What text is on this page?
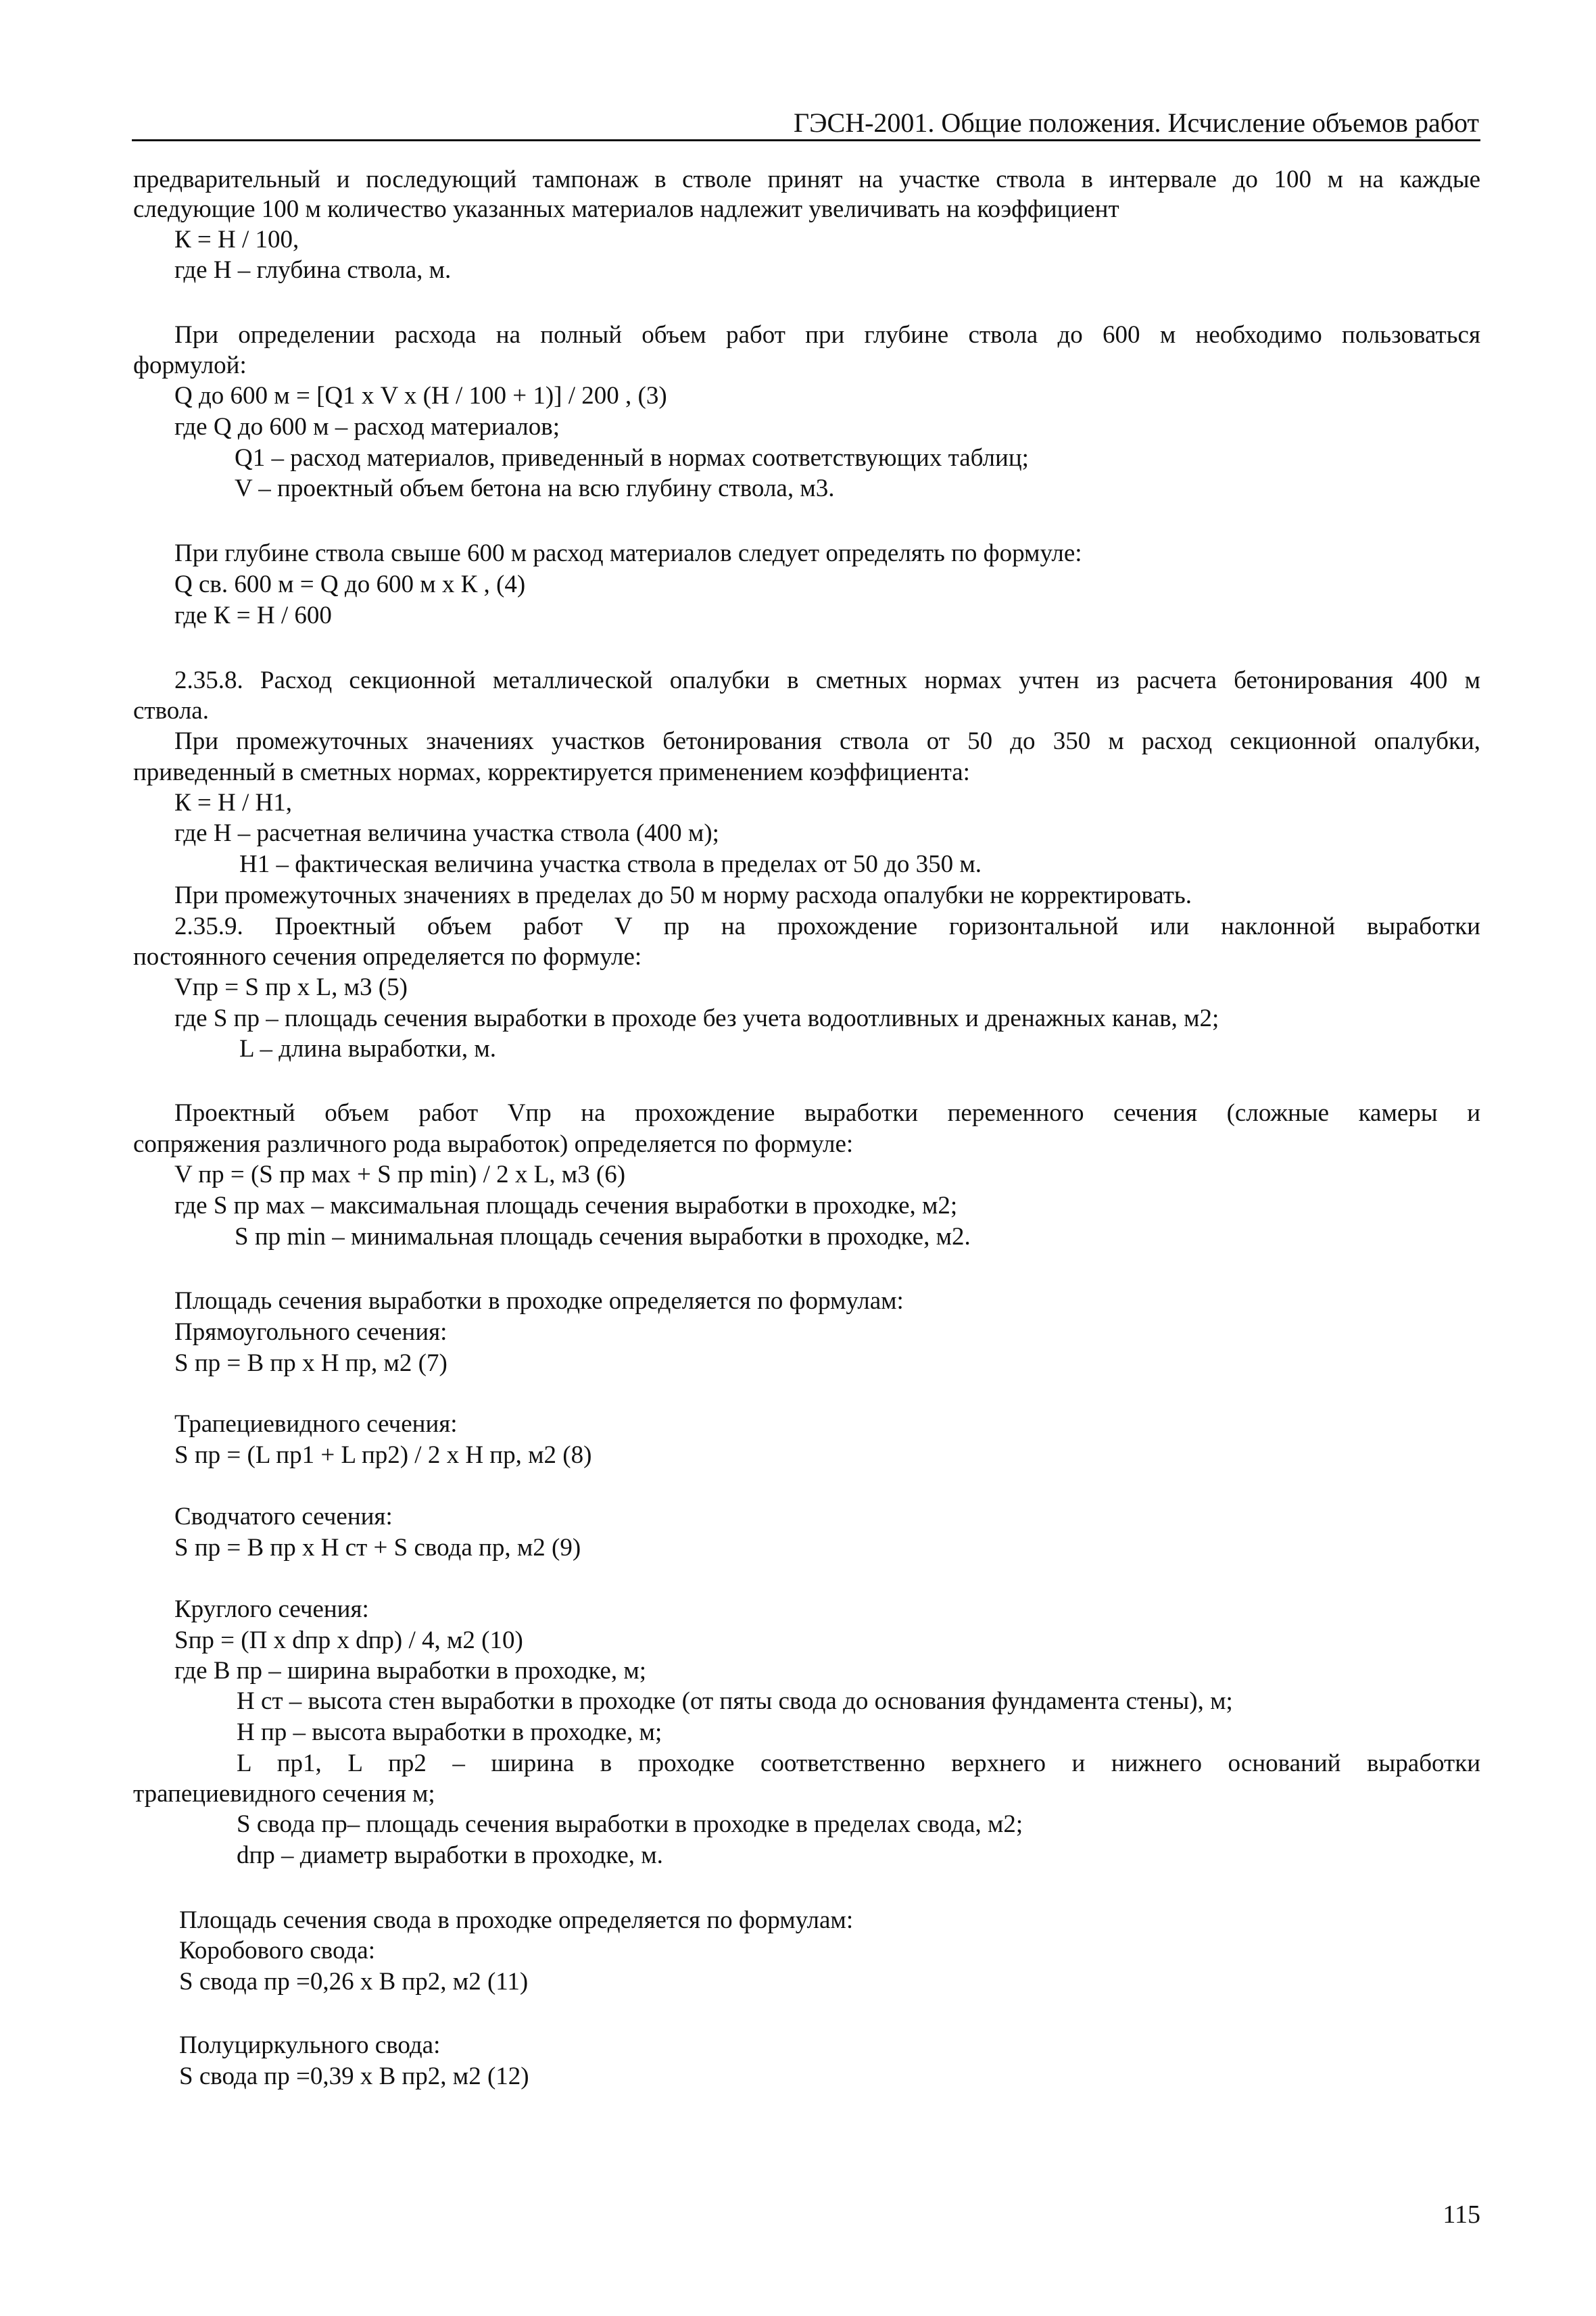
ГЭСН-2001. Общие положения. Исчисление объемов работ
предварительный и последующий тампонаж в стволе принят на участке ствола в интервале до 100 м на каждые
следующие 100 м количество указанных материалов надлежит увеличивать на коэффициент
К = Н / 100,
где Н – глубина ствола, м.
При определении расхода на полный объем работ при глубине ствола до 600 м необходимо пользоваться
формулой:
Q до 600 м = [Q1 х V х (Н / 100 + 1)] / 200 , (3)
где Q до 600 м – расход материалов;
Q1 – расход материалов, приведенный в нормах соответствующих таблиц;
V – проектный объем бетона на всю глубину ствола, м3.
При глубине ствола свыше 600 м расход материалов следует определять по формуле:
Q св. 600 м = Q до 600 м х К , (4)
где К = Н / 600
2.35.8. Расход секционной металлической опалубки в сметных нормах учтен из расчета бетонирования 400 м
ствола.
При промежуточных значениях участков бетонирования ствола от 50 до 350 м расход секционной опалубки,
приведенный в сметных нормах, корректируется применением коэффициента:
К = Н / Н1,
где Н – расчетная величина участка ствола (400 м);
Н1 – фактическая величина участка ствола в пределах от 50 до 350 м.
При промежуточных значениях в пределах до 50 м норму расхода опалубки не корректировать.
2.35.9. Проектный объем работ V пр на прохождение горизонтальной или наклонной выработки
постоянного сечения определяется по формуле:
Vпр = S пр х L, м3 (5)
где S пр – площадь сечения выработки в проходе без учета водоотливных и дренажных канав, м2;
L – длина выработки, м.
Проектный объем работ Vпр на прохождение выработки переменного сечения (сложные камеры и
сопряжения различного рода выработок) определяется по формуле:
V пр = (S пр мах + S пр min) / 2 х L, м3 (6)
где S пр мах – максимальная площадь сечения выработки в проходке, м2;
S пр min – минимальная площадь сечения выработки в проходке, м2.
Площадь сечения выработки в проходке определяется по формулам:
Прямоугольного сечения:
S пр = В пр х Н пр, м2 (7)
Трапециевидного сечения:
S пр = (L пр1 + L пр2) / 2 х Н пр, м2 (8)
Сводчатого сечения:
S пр = В пр х Н ст + S свода пр, м2 (9)
Круглого сечения:
Sпр = (П х dпр х dпр) / 4, м2 (10)
где В пр – ширина выработки в проходке, м;
Н ст – высота стен выработки в проходке (от пяты свода до основания фундамента стены), м;
Н пр – высота выработки в проходке, м;
L пр1, L пр2 – ширина в проходке соответственно верхнего и нижнего оснований выработки
трапециевидного сечения м;
S свода пр– площадь сечения выработки в проходке в пределах свода, м2;
dпр – диаметр выработки в проходке, м.
Площадь сечения свода в проходке определяется по формулам:
Коробового свода:
S свода пр =0,26 х В пр2, м2 (11)
Полуциркульного свода:
S свода пр =0,39 х В пр2, м2 (12)
115
